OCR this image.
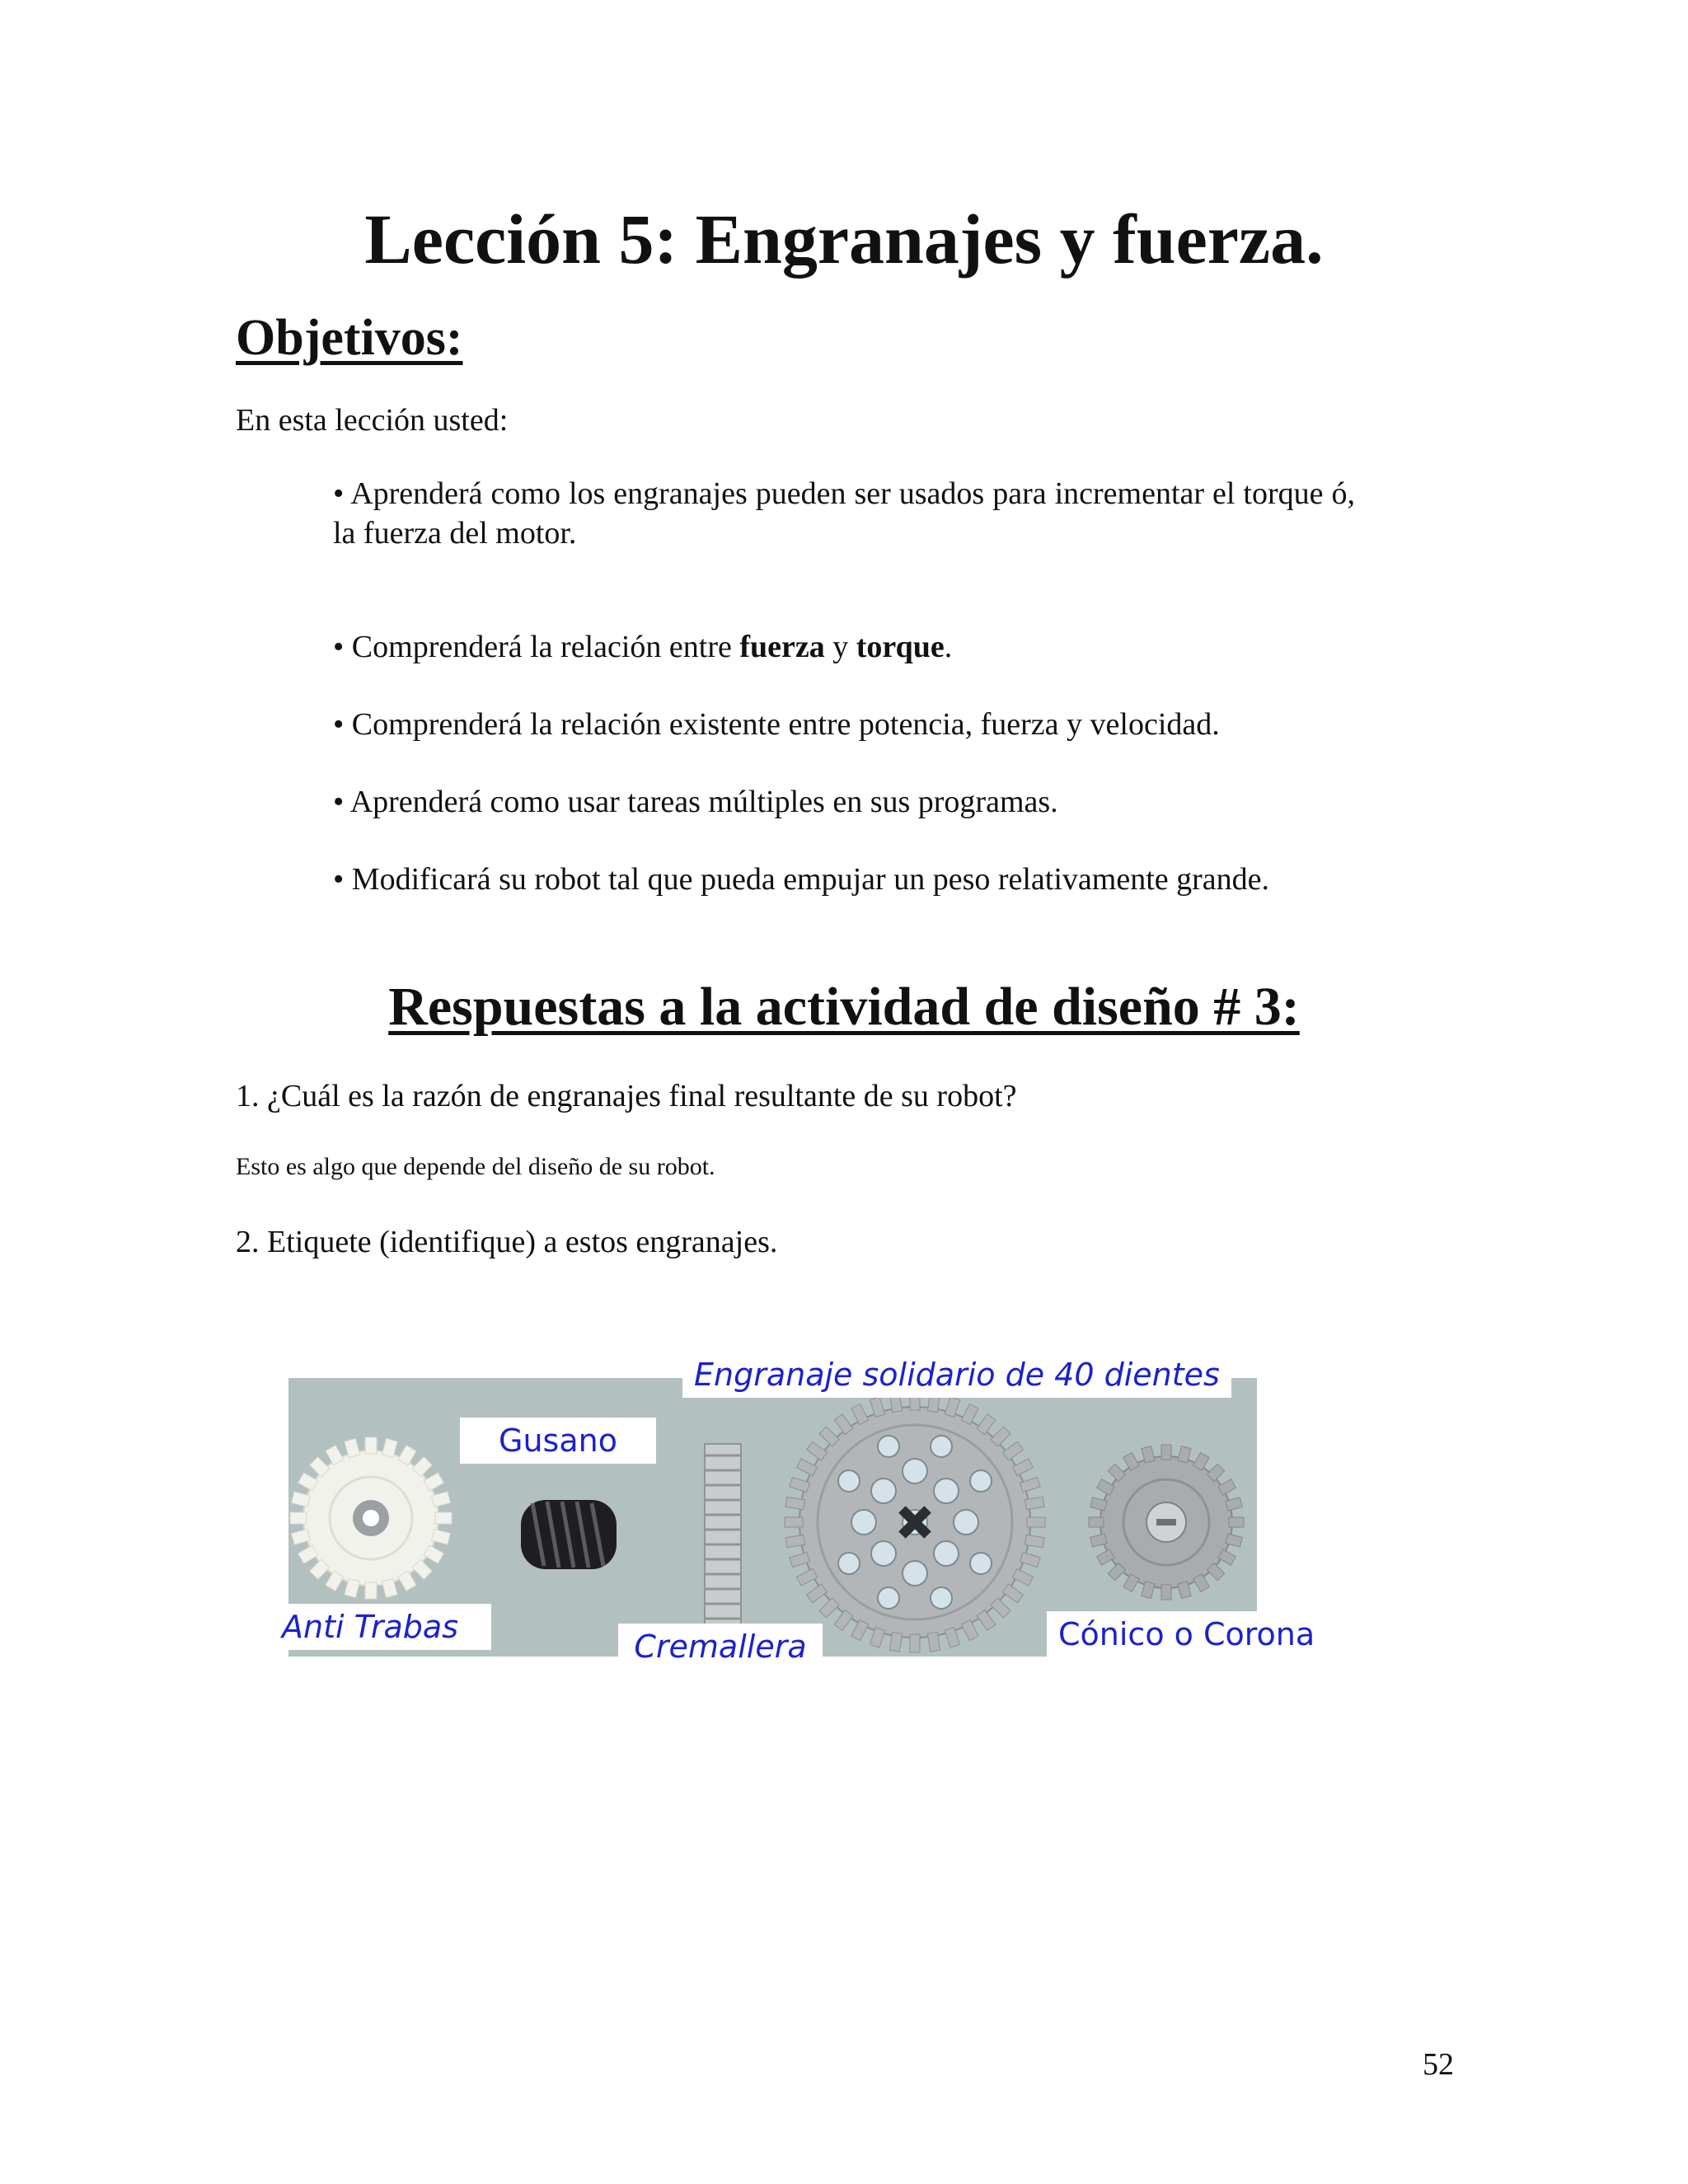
Lección 5: Engranajes y fuerza.
Objetivos:

En esta lección usted:

• Aprenderá como los engranajes pueden ser usados para incrementar el torque ó, la fuerza del motor.
• Comprenderá la relación entre fuerza y torque.
• Comprenderá la relación existente entre potencia, fuerza y velocidad.
• Aprenderá como usar tareas múltiples en sus programas.
• Modificará su robot tal que pueda empujar un peso relativamente grande.
Respuestas a la actividad de diseño # 3:

1. ¿Cuál es la razón de engranajes final resultante de su robot?

Esto es algo que depende del diseño de su robot.

2. Etiquete (identifique) a estos engranajes.

Engranaje solidario de 40 dientes
Gusano
Anti Trabas
Cremallera	Cónico o Corona

52
